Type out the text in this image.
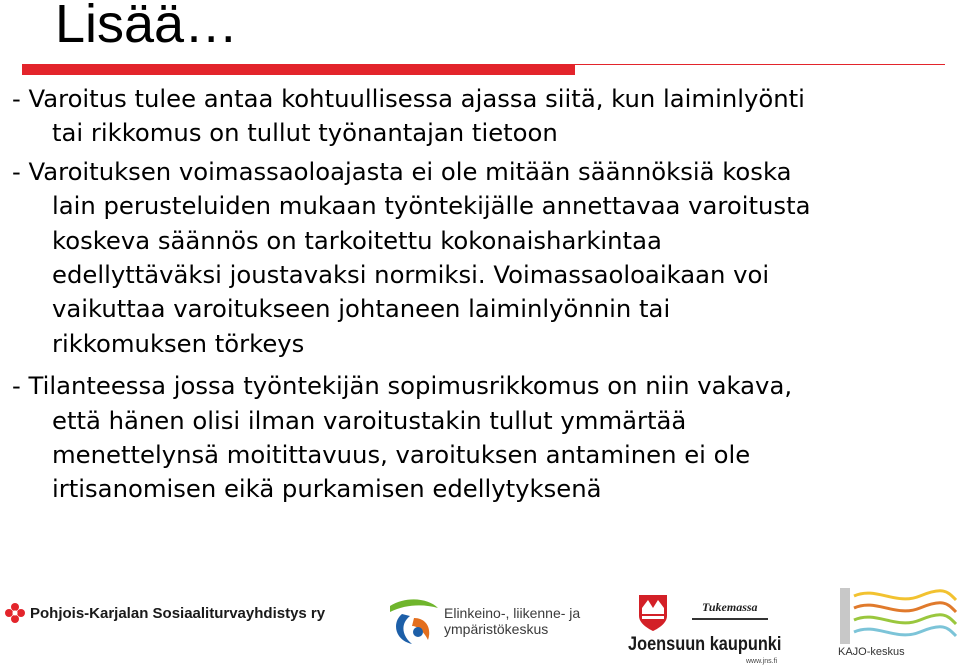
Lisää…
- Varoitus tulee antaa kohtuullisessa ajassa siitä, kun laiminlyönti
tai rikkomus on tullut työnantajan tietoon
- Varoituksen voimassaoloajasta ei ole mitään säännöksiä koska
lain perusteluiden mukaan työntekijälle annettavaa varoitusta
koskeva säännös on tarkoitettu kokonaisharkintaa
edellyttäväksi joustavaksi normiksi. Voimassaoloaikaan voi
vaikuttaa varoitukseen johtaneen laiminlyönnin tai
rikkomuksen törkeys
- Tilanteessa jossa työntekijän sopimusrikkomus on niin vakava,
että hänen olisi ilman varoitustakin tullut ymmärtää
menettelynsä moitittavuus, varoituksen antaminen ei ole
irtisanomisen eikä purkamisen edellytyksenä
Pohjois-Karjalan Sosiaaliturvayhdistys ry	Elinkeino-, liikenne- ja
ympäristökeskus
Tukemassa
Joensuun kaupunki
www.jns.fi
KAJO-keskus
